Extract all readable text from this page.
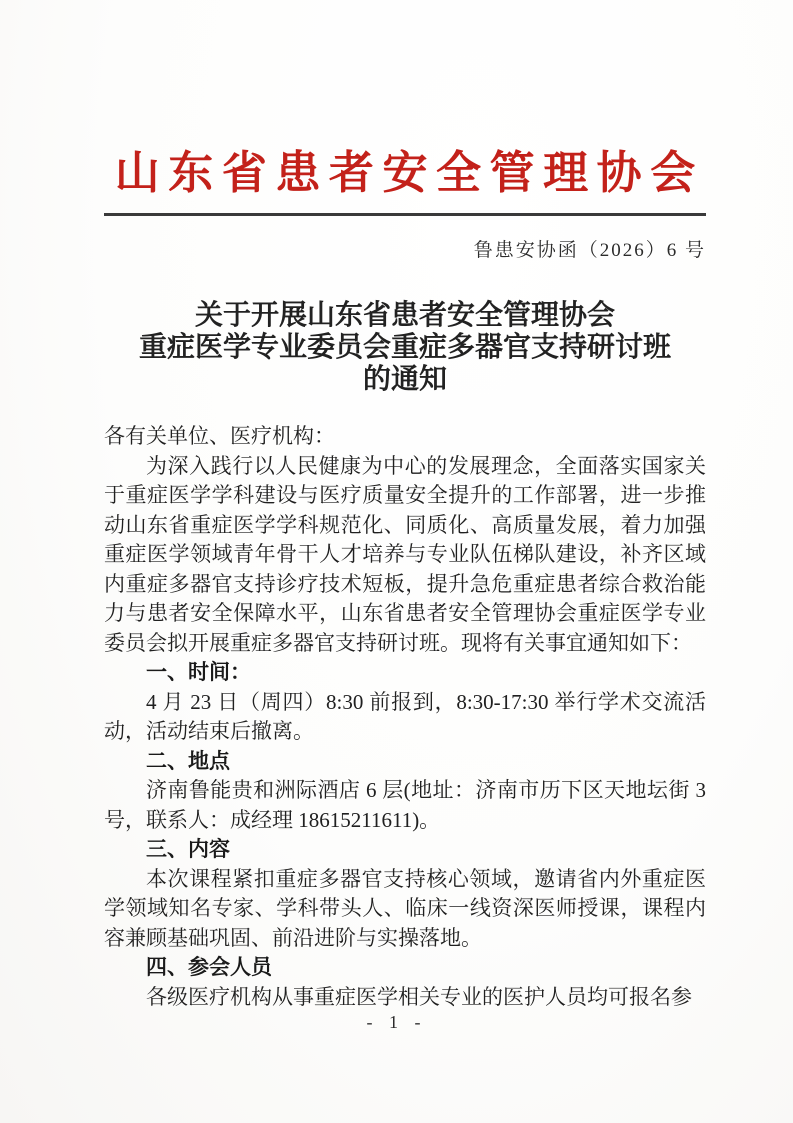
山东省患者安全管理协会
鲁患安协函（2026）6 号
关于开展山东省患者安全管理协会
重症医学专业委员会重症多器官支持研讨班
的通知

各有关单位、医疗机构：

为深入践行以人民健康为中心的发展理念，全面落实国家关于重症医学学科建设与医疗质量安全提升的工作部署，进一步推动山东省重症医学学科规范化、同质化、高质量发展，着力加强重症医学领域青年骨干人才培养与专业队伍梯队建设，补齐区域内重症多器官支持诊疗技术短板，提升急危重症患者综合救治能力与患者安全保障水平，山东省患者安全管理协会重症医学专业委员会拟开展重症多器官支持研讨班。现将有关事宜通知如下：

一、时间：

4 月 23 日（周四）8:30 前报到，8:30-17:30 举行学术交流活动，活动结束后撤离。

二、地点

济南鲁能贵和洲际酒店 6 层(地址：济南市历下区天地坛街 3 号，联系人：成经理 18615211611)。

三、内容

本次课程紧扣重症多器官支持核心领域，邀请省内外重症医学领域知名专家、学科带头人、临床一线资深医师授课，课程内容兼顾基础巩固、前沿进阶与实操落地。

四、参会人员

各级医疗机构从事重症医学相关专业的医护人员均可报名参

- 1 -
